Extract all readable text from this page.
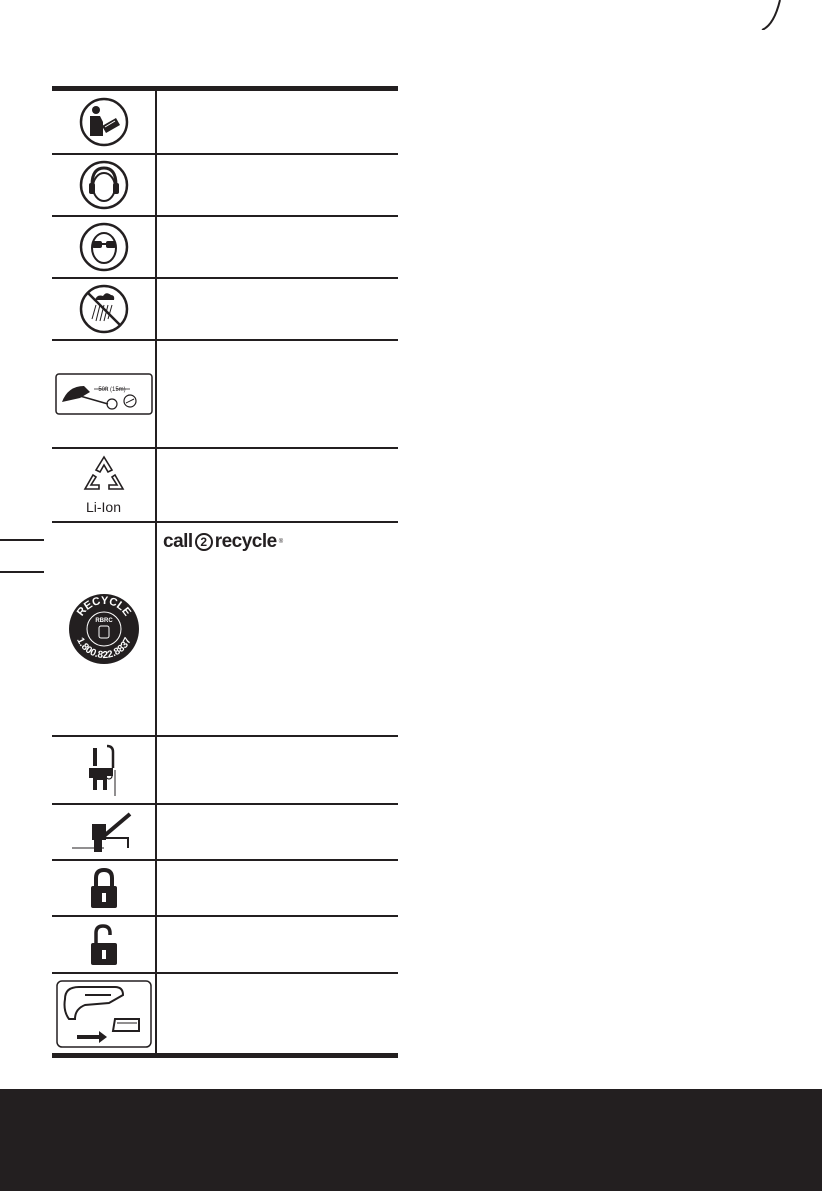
50ft (15m)
Li-Ion
RECYCLE
1.800.822.8837
RBRC
call 2 recycle ®
